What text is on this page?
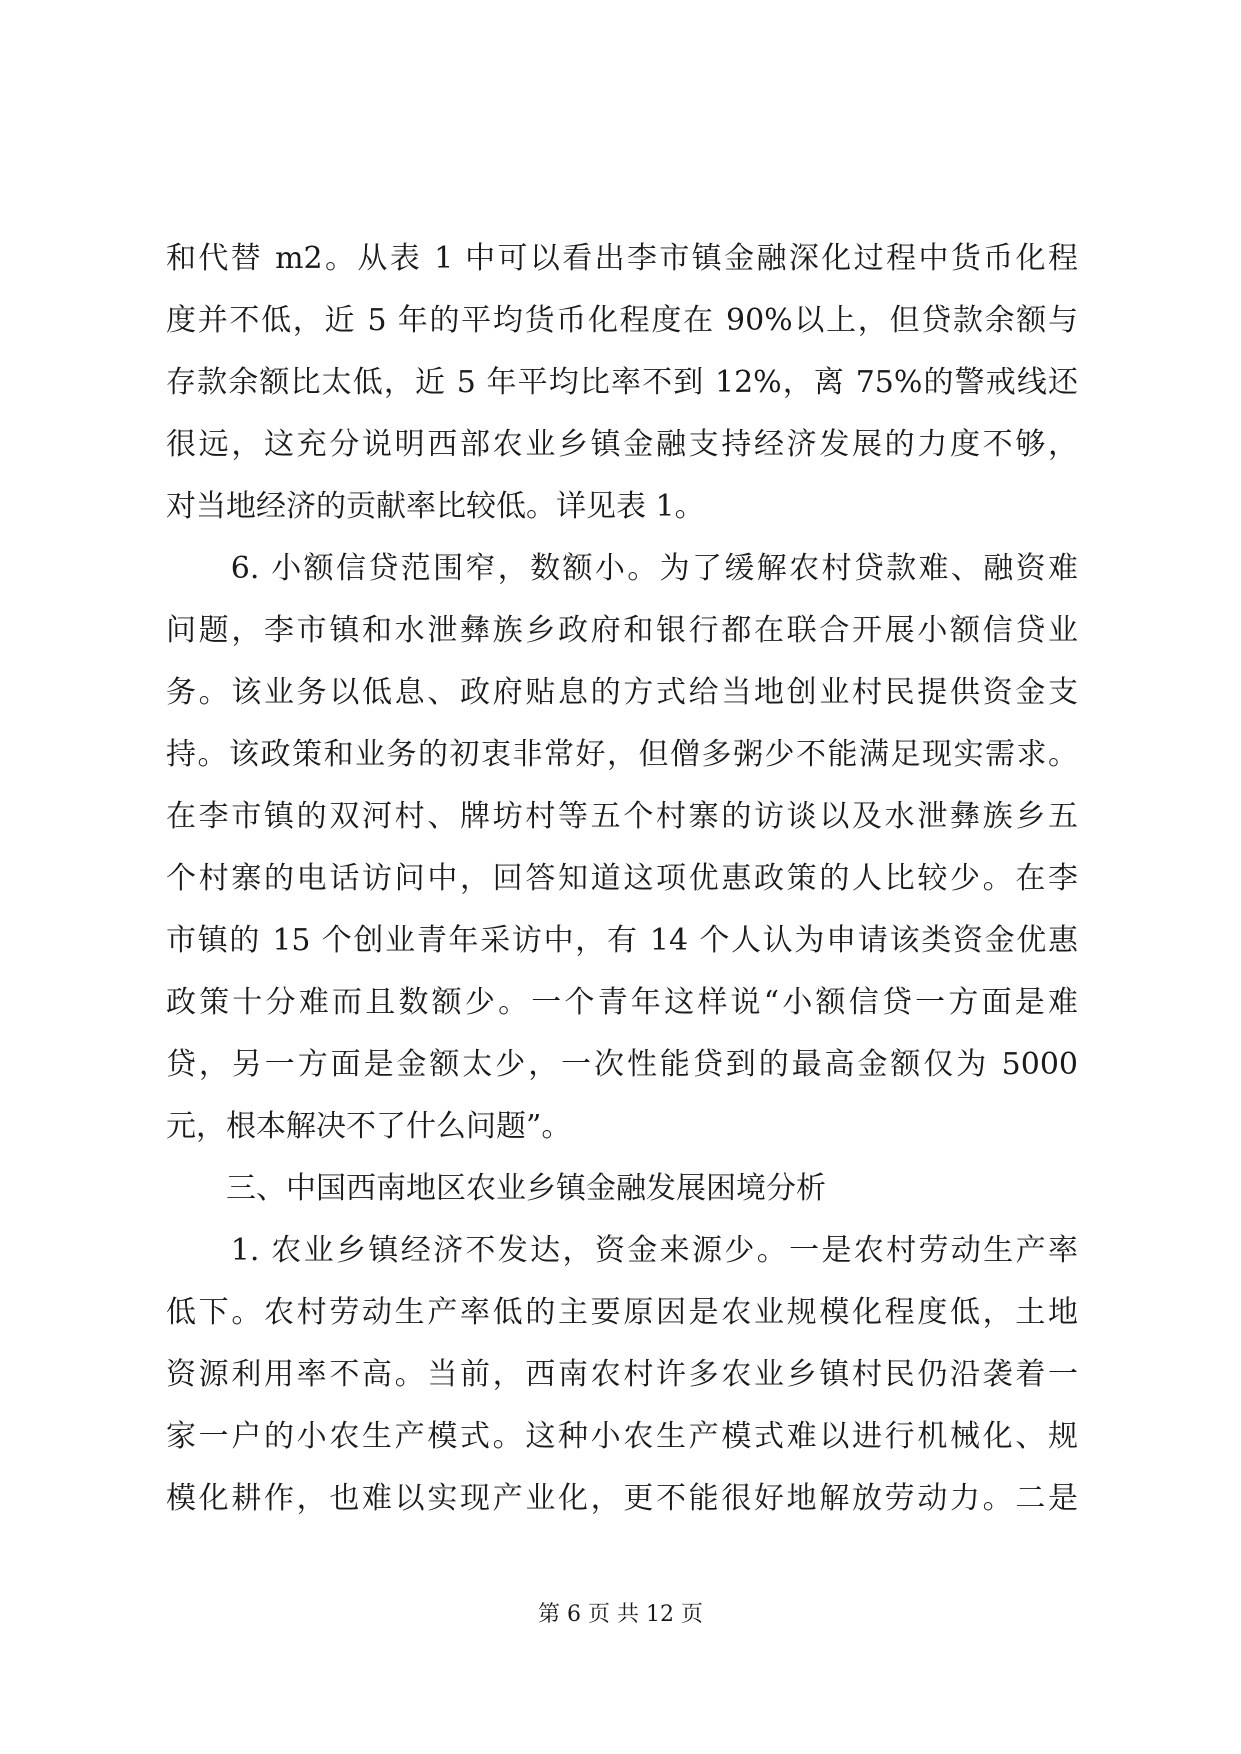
和代替 m2。从表 1 中可以看出李市镇金融深化过程中货币化程
度并不低，近 5 年的平均货币化程度在 90%以上，但贷款余额与
存款余额比太低，近 5 年平均比率不到 12%，离 75%的警戒线还
很远，这充分说明西部农业乡镇金融支持经济发展的力度不够，
对当地经济的贡献率比较低。详见表 1。
　　6. 小额信贷范围窄，数额小。为了缓解农村贷款难、融资难
问题，李市镇和水泄彝族乡政府和银行都在联合开展小额信贷业
务。该业务以低息、政府贴息的方式给当地创业村民提供资金支
持。该政策和业务的初衷非常好，但僧多粥少不能满足现实需求。
在李市镇的双河村、牌坊村等五个村寨的访谈以及水泄彝族乡五
个村寨的电话访问中，回答知道这项优惠政策的人比较少。在李
市镇的 15 个创业青年采访中，有 14 个人认为申请该类资金优惠
政策十分难而且数额少。一个青年这样说“小额信贷一方面是难
贷，另一方面是金额太少，一次性能贷到的最高金额仅为 5000
元，根本解决不了什么问题”。
　　三、中国西南地区农业乡镇金融发展困境分析
　　1. 农业乡镇经济不发达，资金来源少。一是农村劳动生产率
低下。农村劳动生产率低的主要原因是农业规模化程度低，土地
资源利用率不高。当前，西南农村许多农业乡镇村民仍沿袭着一
家一户的小农生产模式。这种小农生产模式难以进行机械化、规
模化耕作，也难以实现产业化，更不能很好地解放劳动力。二是
第 6 页 共 12 页
